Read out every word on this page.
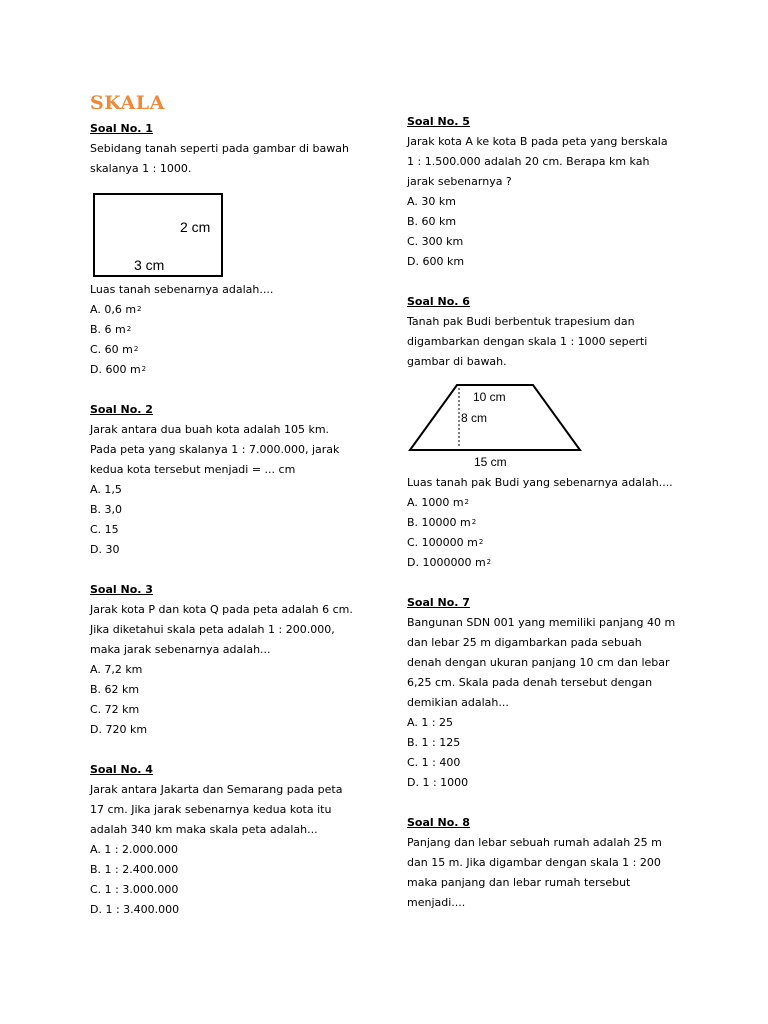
SKALA
Soal No. 1
Sebidang tanah seperti pada gambar di bawah
skalanya 1 : 1000.
2 cm
3 cm
Luas tanah sebenarnya adalah....
A. 0,6 $m^2$
B. 6 $m^2$
C. 60 $m^2$
D. 600 $m^2$
Soal No. 2
Jarak antara dua buah kota adalah 105 km.
Pada peta yang skalanya 1 : 7.000.000, jarak
kedua kota tersebut menjadi = ... cm
A. 1,5
B. 3,0
C. 15
D. 30
Soal No. 3
Jarak kota P dan kota Q pada peta adalah 6 cm.
Jika diketahui skala peta adalah 1 : 200.000,
maka jarak sebenarnya adalah...
A. 7,2 km
B. 62 km
C. 72 km
D. 720 km
Soal No. 4
Jarak antara Jakarta dan Semarang pada peta
17 cm. Jika jarak sebenarnya kedua kota itu
adalah 340 km maka skala peta adalah...
A. 1 : 2.000.000
B. 1 : 2.400.000
C. 1 : 3.000.000
D. 1 : 3.400.000
Soal No. 5
Jarak kota A ke kota B pada peta yang berskala
1 : 1.500.000 adalah 20 cm. Berapa km kah
jarak sebenarnya ?
A. 30 km
B. 60 km
C. 300 km
D. 600 km
Soal No. 6
Tanah pak Budi berbentuk trapesium dan
digambarkan dengan skala 1 : 1000 seperti
gambar di bawah.
10 cm
8 cm
15 cm
Luas tanah pak Budi yang sebenarnya adalah....
A. 1000 $m^2$
B. 10000 $m^2$
C. 100000 $m^2$
D. 1000000 $m^2$
Soal No. 7
Bangunan SDN 001 yang memiliki panjang 40 m
dan lebar 25 m digambarkan pada sebuah
denah dengan ukuran panjang 10 cm dan lebar
6,25 cm. Skala pada denah tersebut dengan
demikian adalah...
A. 1 : 25
B. 1 : 125
C. 1 : 400
D. 1 : 1000
Soal No. 8
Panjang dan lebar sebuah rumah adalah 25 m
dan 15 m. Jika digambar dengan skala 1 : 200
maka panjang dan lebar rumah tersebut
menjadi....
